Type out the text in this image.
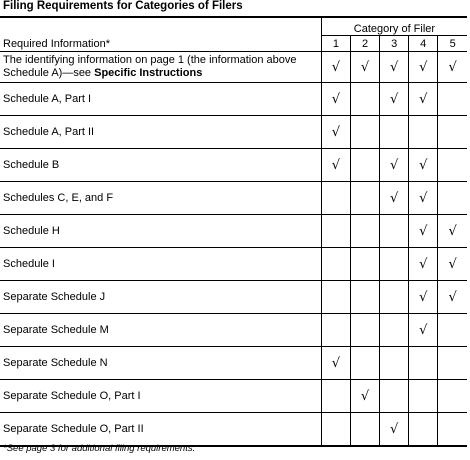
Filing Requirements for Categories of Filers
	Category of Filer				
Required Information*	1	2	3	4	5
The identifying information on page 1 (the information above Schedule A)—see Specific Instructions	√	√	√	√	√
Schedule A, Part I	√		√	√	
Schedule A, Part II	√				
Schedule B	√		√	√	
Schedules C, E, and F			√	√	
Schedule H				√	√
Schedule I				√	√
Separate Schedule J				√	√
Separate Schedule M				√	
Separate Schedule N	√				
Separate Schedule O, Part I		√			
Separate Schedule O, Part II			√		
*See page 3 for additional filing requirements.
